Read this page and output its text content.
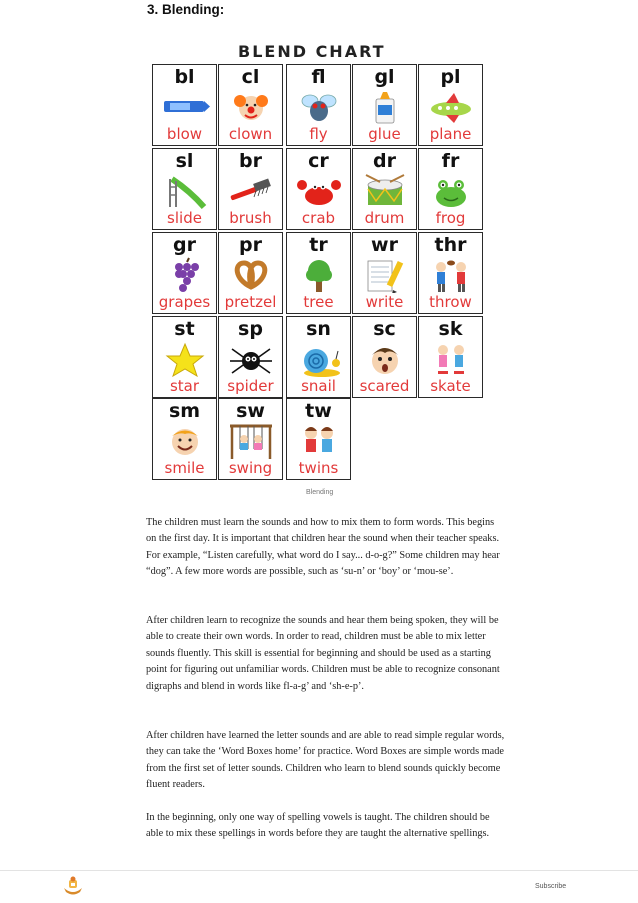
3. Blending:
BLEND CHART
bl
blow
cl
clown
fl
fly
gl
glue
pl
plane
sl
slide
br
brush
cr
crab
dr
drum
fr
frog
gr
grapes
pr
pretzel
tr
tree
wr
write
thr
throw
st
star
sp
spider
sn
snail
sc
scared
sk
skate
sm
smile
sw
swing
tw
twins
Blending
The children must learn the sounds and how to mix them to form words. This begins on the first day. It is important that children hear the sound when their teacher speaks. For example, “Listen carefully, what word do I say... d-o-g?” Some children may hear “dog”. A few more words are possible, such as ‘su-n’ or ‘boy’ or ‘mou-se’.
After children learn to recognize the sounds and hear them being spoken, they will be able to create their own words. In order to read, children must be able to mix letter sounds fluently. This skill is essential for beginning and should be used as a starting point for figuring out unfamiliar words. Children must be able to recognize consonant digraphs and blend in words like fl-a-g’ and ‘sh-e-p’.
After children have learned the letter sounds and are able to read simple regular words, they can take the ‘Word Boxes home’ for practice. Word Boxes are simple words made from the first set of letter sounds. Children who learn to blend sounds quickly become fluent readers.
In the beginning, only one way of spelling vowels is taught. The children should be able to mix these spellings in words before they are taught the alternative spellings.
Subscribe
